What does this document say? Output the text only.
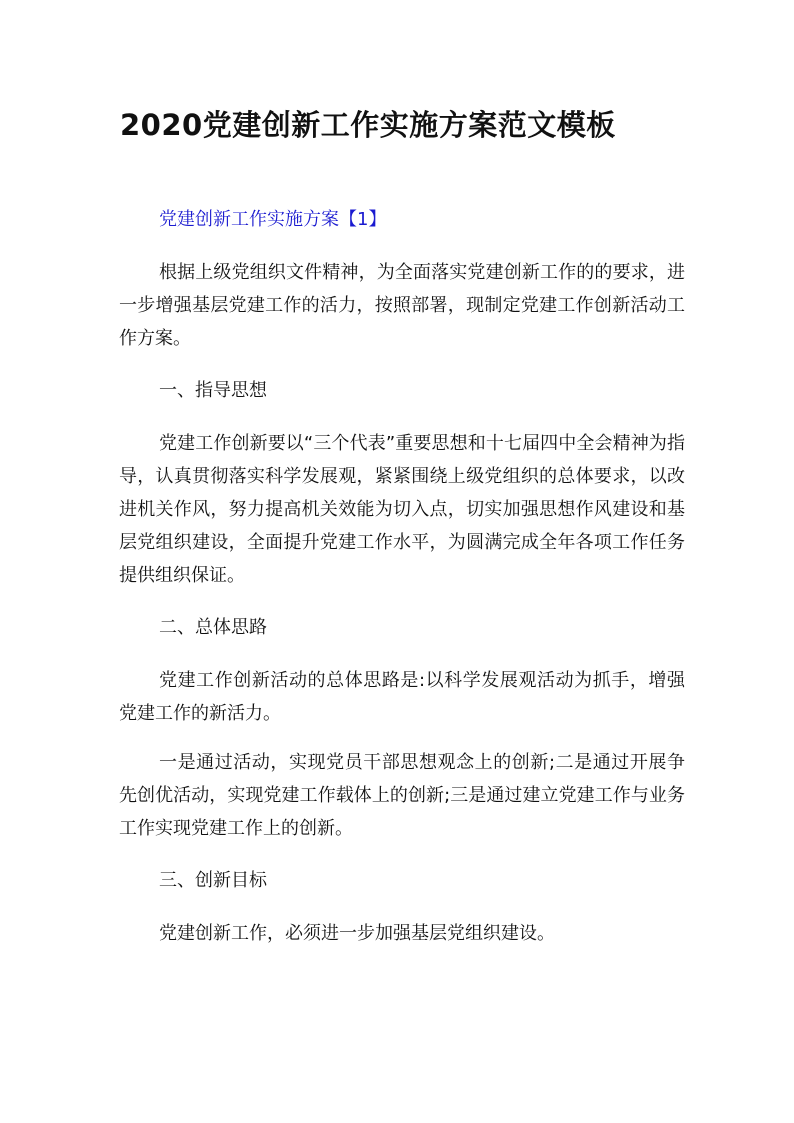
2020党建创新工作实施方案范文模板

党建创新工作实施方案【1】

根据上级党组织文件精神，为全面落实党建创新工作的的要求，进一步增强基层党建工作的活力，按照部署，现制定党建工作创新活动工作方案。

一、指导思想

党建工作创新要以“三个代表”重要思想和十七届四中全会精神为指导，认真贯彻落实科学发展观，紧紧围绕上级党组织的总体要求，以改进机关作风，努力提高机关效能为切入点，切实加强思想作风建设和基层党组织建设，全面提升党建工作水平，为圆满完成全年各项工作任务提供组织保证。

二、总体思路

党建工作创新活动的总体思路是:以科学发展观活动为抓手，增强党建工作的新活力。

一是通过活动，实现党员干部思想观念上的创新;二是通过开展争先创优活动，实现党建工作载体上的创新;三是通过建立党建工作与业务工作实现党建工作上的创新。

三、创新目标

党建创新工作，必须进一步加强基层党组织建设。
